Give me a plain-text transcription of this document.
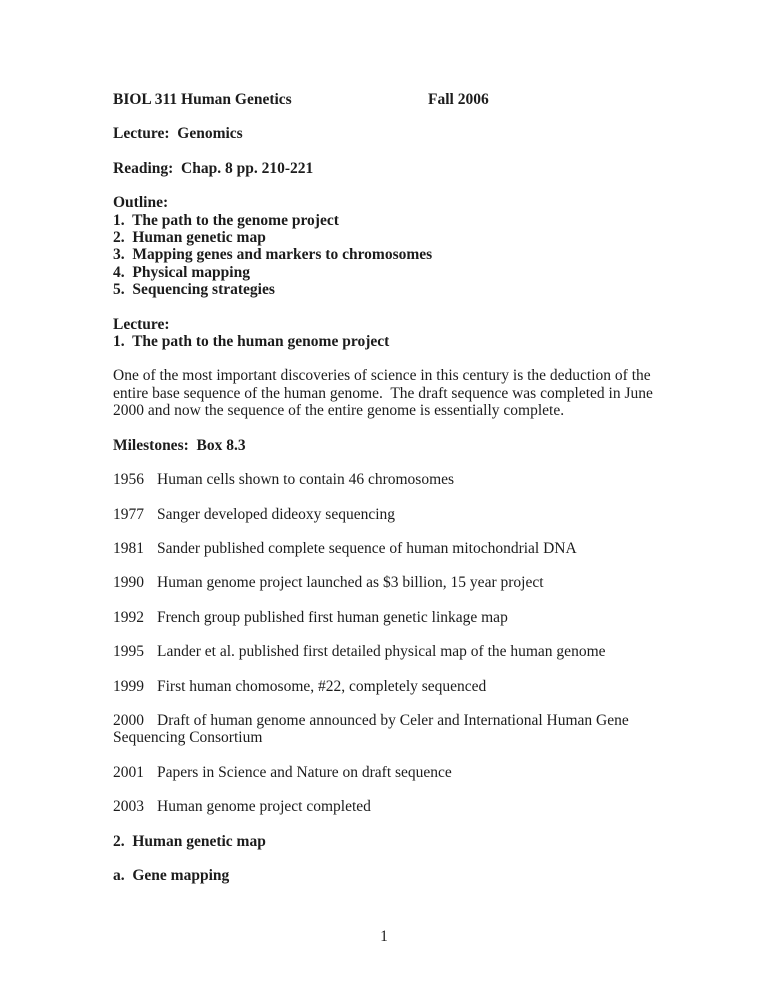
BIOL 311 Human Genetics	Fall 2006
Lecture:  Genomics
Reading:  Chap. 8 pp. 210-221
Outline:
1.  The path to the genome project
2.  Human genetic map
3.  Mapping genes and markers to chromosomes
4.  Physical mapping
5.  Sequencing strategies
Lecture:
1.  The path to the human genome project
One of the most important discoveries of science in this century is the deduction of the entire base sequence of the human genome.  The draft sequence was completed in June 2000 and now the sequence of the entire genome is essentially complete.
Milestones:  Box 8.3
1956 Human cells shown to contain 46 chromosomes
1977 Sanger developed dideoxy sequencing
1981 Sander published complete sequence of human mitochondrial DNA
1990 Human genome project launched as $3 billion, 15 year project
1992 French group published first human genetic linkage map
1995 Lander et al. published first detailed physical map of the human genome
1999 First human chomosome, #22, completely sequenced
2000 Draft of human genome announced by Celer and International Human Gene Sequencing Consortium
2001 Papers in Science and Nature on draft sequence
2003 Human genome project completed
2.  Human genetic map
a.  Gene mapping
1
